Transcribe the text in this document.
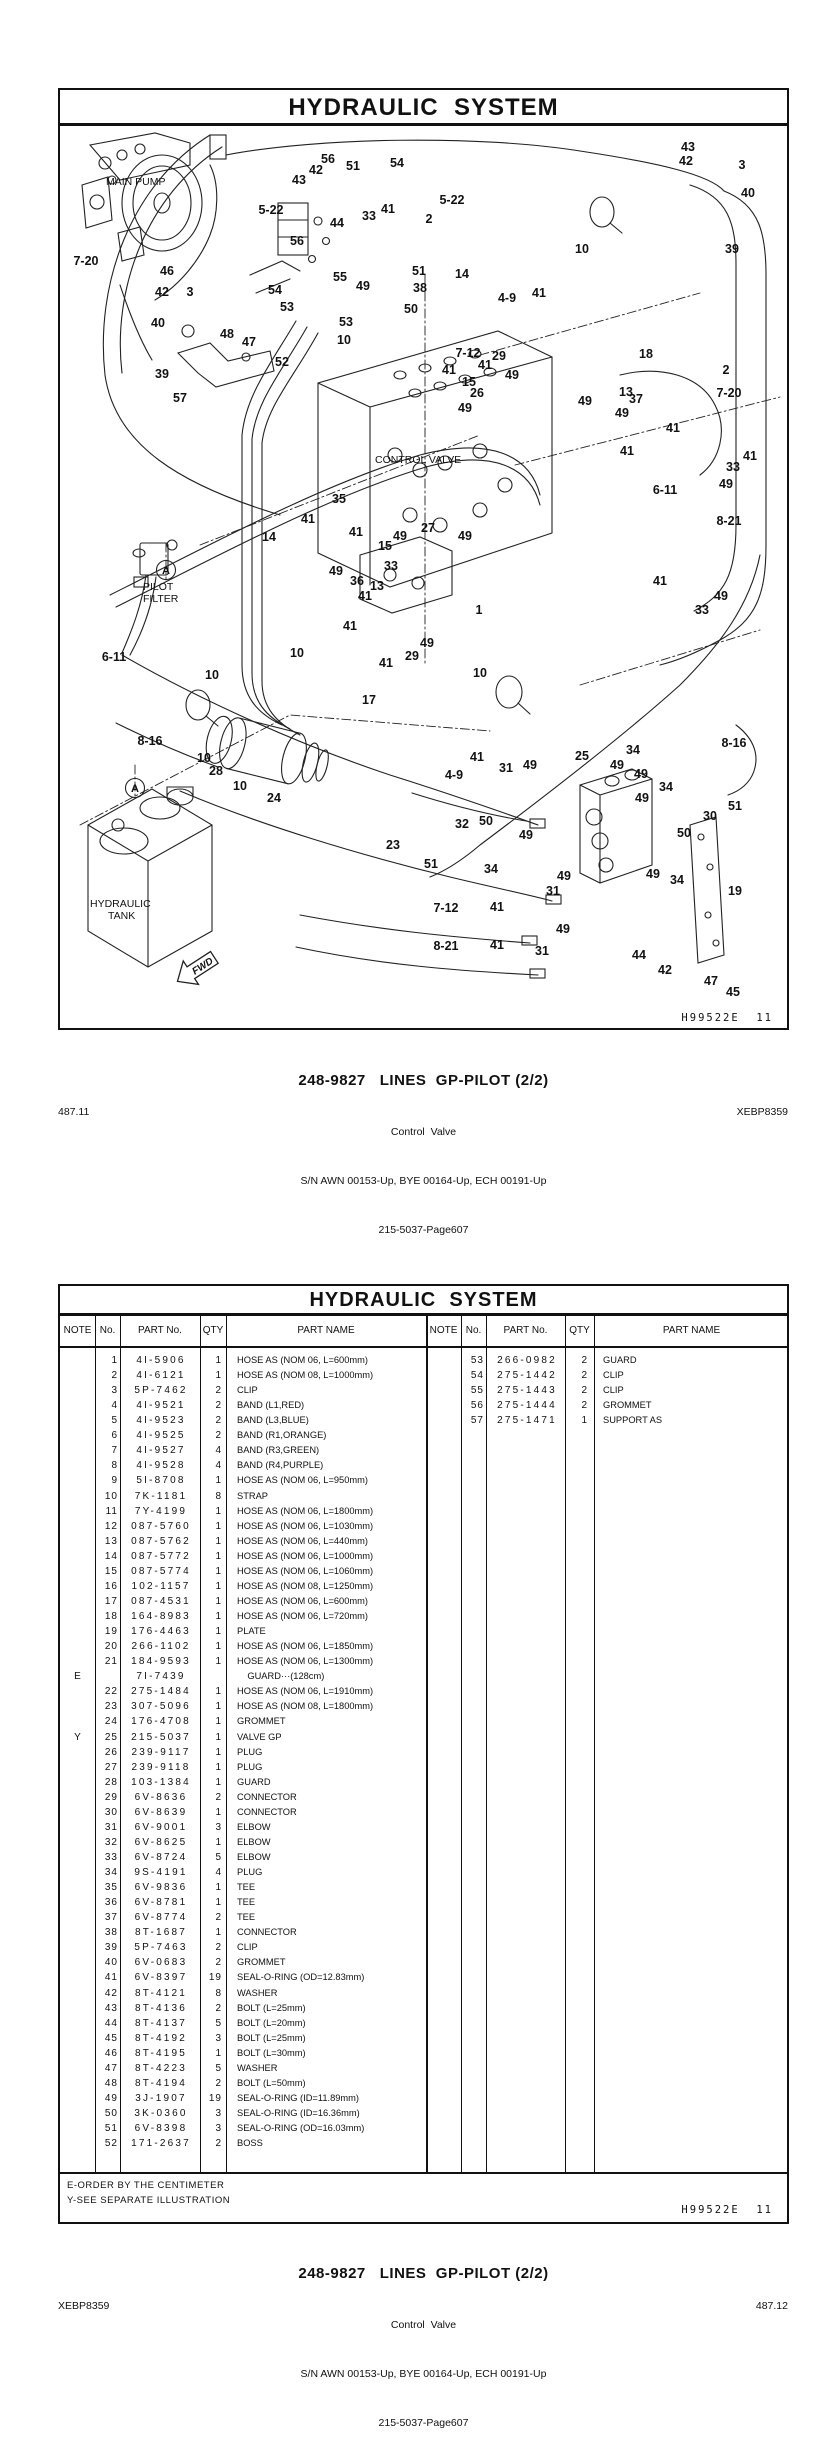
HYDRAULIC  SYSTEM
FWD
MAIN PUMP
CONTROL VALVE
PILOT
FILTER
HYDRAULIC
TANK
A
A
43
42	3
40
39
56
42 51 54
43
5-22
5-22
2
44 33 41
14
10
7-20
46
42 3
40
48
47
39
57
52
56
55
54
53
53
10
49
51
38
50
4-9 41
7-12 29
41
49
41
15
26
49
18
13
49
49
37
41
2
7-20
41
33
49
41
6-11
8-21
41
49
33
1
49
35
41
41
14
27
49
15
49
36
33
13
41
41
10	29
41
49
17
10
6-11
10
8-16
10
28
10
24
23
51
4-9
41
31 49
25	34
49
49
8-16
34
49
30
51
32 50
49
34
50
49 34
31
49
7-12	41
8-21	41 31
49
19
44
42
47
45
H99522E 11

248-9827   LINES  GP-PILOT (2/2)

Control  Valve

S/N AWN 00153-Up, BYE 00164-Up, ECH 00191-Up

215-5037-Page607

487.11	XEBP8359
HYDRAULIC  SYSTEM
NOTE No.	PART No.	QTY	PART NAME	NOTE No.	PART No.	QTY	PART NAME
1	4I-5906	1 HOSE AS (NOM 06, L=600mm)
2	4I-6121	1 HOSE AS (NOM 08, L=1000mm)
3	5P-7462	2 CLIP
4	4I-9521	2 BAND (L1,RED)
5	4I-9523	2 BAND (L3,BLUE)
6	4I-9525	2 BAND (R1,ORANGE)
7	4I-9527	4 BAND (R3,GREEN)
8	4I-9528	4 BAND (R4,PURPLE)
9	5I-8708	1 HOSE AS (NOM 06, L=950mm)
10	7K-1181	8 STRAP
11	7Y-4199	1 HOSE AS (NOM 06, L=1800mm)
12	087-5760	1 HOSE AS (NOM 06, L=1030mm)
13	087-5762	1 HOSE AS (NOM 06, L=440mm)
14	087-5772	1 HOSE AS (NOM 06, L=1000mm)
15	087-5774	1 HOSE AS (NOM 06, L=1060mm)
16	102-1157	1 HOSE AS (NOM 08, L=1250mm)
17	087-4531	1 HOSE AS (NOM 06, L=600mm)
18	164-8983	1 HOSE AS (NOM 06, L=720mm)
19	176-4463	1 PLATE
20	266-1102	1 HOSE AS (NOM 06, L=1850mm)
21	184-9593	1 HOSE AS (NOM 06, L=1300mm)
E	7I-7439	GUARD···(128cm)
22	275-1484	1 HOSE AS (NOM 06, L=1910mm)
23	307-5096	1 HOSE AS (NOM 08, L=1800mm)
24	176-4708	1 GROMMET
Y	25	215-5037	1 VALVE GP
26	239-9117	1 PLUG
27	239-9118	1 PLUG
28	103-1384	1 GUARD
29	6V-8636	2 CONNECTOR
30	6V-8639	1 CONNECTOR
31	6V-9001	3 ELBOW
32	6V-8625	1 ELBOW
33	6V-8724	5 ELBOW
34	9S-4191	4 PLUG
35	6V-9836	1 TEE
36	6V-8781	1 TEE
37	6V-8774	2 TEE
38	8T-1687	1 CONNECTOR
39	5P-7463	2 CLIP
40	6V-0683	2 GROMMET
41	6V-8397	19 SEAL-O-RING (OD=12.83mm)
42	8T-4121	8 WASHER
43	8T-4136	2 BOLT (L=25mm)
44	8T-4137	5 BOLT (L=20mm)
45	8T-4192	3 BOLT (L=25mm)
46	8T-4195	1 BOLT (L=30mm)
47	8T-4223	5 WASHER
48	8T-4194	2 BOLT (L=50mm)
49	3J-1907	19 SEAL-O-RING (ID=11.89mm)
50	3K-0360	3 SEAL-O-RING (ID=16.36mm)
51	6V-8398	3 SEAL-O-RING (OD=16.03mm)
52	171-2637	2 BOSS
53	266-0982	2 GUARD
54	275-1442	2 CLIP
55	275-1443	2 CLIP
56	275-1444	2 GROMMET
57	275-1471	1 SUPPORT AS
E-ORDER BY THE CENTIMETER
Y-SEE SEPARATE ILLUSTRATION
H99522E 11

248-9827   LINES  GP-PILOT (2/2)

Control  Valve

S/N AWN 00153-Up, BYE 00164-Up, ECH 00191-Up

215-5037-Page607

XEBP8359	487.12
